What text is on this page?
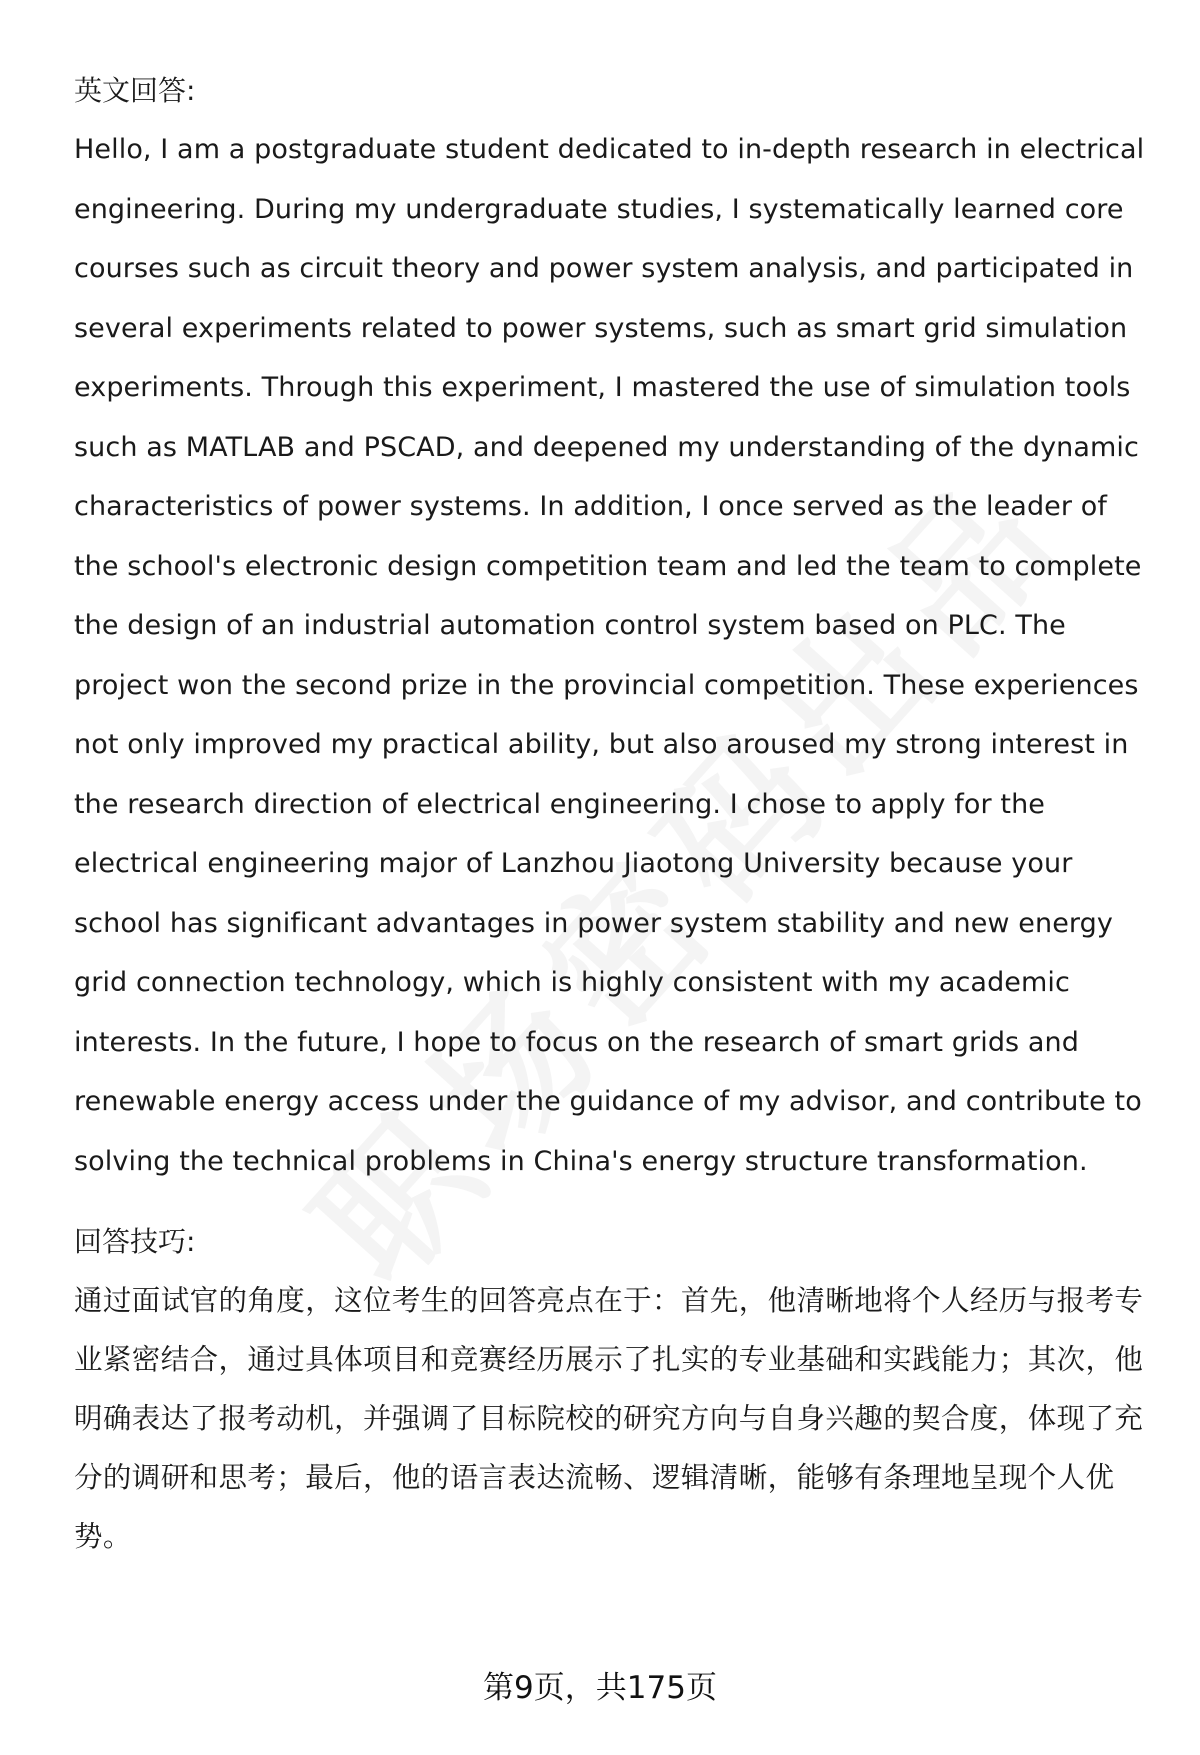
英文回答:

Hello, I am a postgraduate student dedicated to in-depth research in electrical engineering. During my undergraduate studies, I systematically learned core courses such as circuit theory and power system analysis, and participated in several experiments related to power systems, such as smart grid simulation experiments. Through this experiment, I mastered the use of simulation tools such as MATLAB and PSCAD, and deepened my understanding of the dynamic characteristics of power systems. In addition, I once served as the leader of the school's electronic design competition team and led the team to complete the design of an industrial automation control system based on PLC. The project won the second prize in the provincial competition. These experiences not only improved my practical ability, but also aroused my strong interest in the research direction of electrical engineering. I chose to apply for the electrical engineering major of Lanzhou Jiaotong University because your school has significant advantages in power system stability and new energy grid connection technology, which is highly consistent with my academic interests. In the future, I hope to focus on the research of smart grids and renewable energy access under the guidance of my advisor, and contribute to solving the technical problems in China's energy structure transformation.

回答技巧:

通过面试官的角度，这位考生的回答亮点在于：首先，他清晰地将个人经历与报考专业紧密结合，通过具体项目和竞赛经历展示了扎实的专业基础和实践能力；其次，他明确表达了报考动机，并强调了目标院校的研究方向与自身兴趣的契合度，体现了充分的调研和思考；最后，他的语言表达流畅、逻辑清晰，能够有条理地呈现个人优势。

第9页，共175页
